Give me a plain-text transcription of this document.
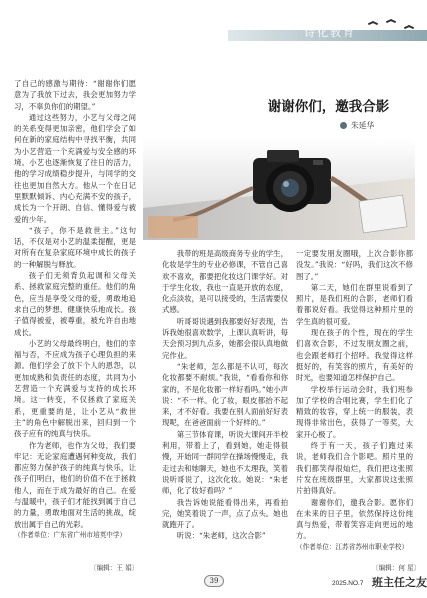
诗化教育

了自己的感激与期待：“谢谢你们愿意为了我放下过去，我会更加努力学习，不辜负你们的期望。”

通过这些努力，小艺与父母之间的关系变得更加亲密，他们学会了如何在新的家庭结构中寻找平衡，共同为小艺营造一个充满爱与安全感的环境。小艺也逐渐恢复了往日的活力，他的学习成绩稳步提升，与同学的交往也更加自然大方。他从一个在日记里默默倾诉、内心充满不安的孩子，成长为一个开朗、自信、懂得爱与被爱的少年。

“孩子，你不是救世主。”这句话，不仅是对小艺的温柔提醒，更是对所有在复杂家庭环境中成长的孩子的一种解脱与释放。

孩子们无须背负起调和父母关系、拯救家庭完整的重任。他们的角色，应当是享受父母的爱，勇敢地追求自己的梦想、健康快乐地成长。孩子值得被爱，被尊重，被允许自由地成长。

小艺的父母最终明白，他们的幸福与否，不应成为孩子心理负担的来源。他们学会了放下个人的恩怨，以更加成熟和负责任的态度，共同为小艺营造一个充满爱与支持的成长环境。这一转变，不仅拯救了家庭关系，更重要的是，让小艺从“救世主”的角色中解脱出来，回归到一个孩子应有的纯真与快乐。

作为老师，也作为父母，我们要牢记：无论家庭遭遇何种变故，我们都应努力保护孩子的纯真与快乐，让孩子们明白，他们的价值不在于拯救他人，而在于成为最好的自己。在爱与温暖中，孩子们才能找到属于自己的力量，勇敢地面对生活的挑战，绽放出属于自己的光彩。

（作者单位：广东省广州市培英中学）

谢谢你们，邀我合影
朱延华

我带的班是高级商务专业的学生，化妆是学生的专业必修课，不管自己喜欢不喜欢，都要把化妆这门课学好。对于学生化妆，我也一直是开放的态度，化点淡妆，是可以接受的，生活需要仪式感。

听哥哥说遇到我都要好好表现，告诉我她很喜欢数学，上课认真听讲，每天会预习到九点多，她都会很认真地做完作业。

“朱老师，怎么都是不认可，每次化妆都要不耐烦。”我说，“看看你和你家的，不是化妆都一样好看吗。”她小声说：“不一样。化了妆，眼皮都抬不起来，才不好看。我要在别人面前好好表现呢，在爸爸面前一个好样的。”

第三节体育课，听说大课间开半校利用，带着上了，看到她，她走得很慢，开始同一群同学在操场慢慢走，我走过去和她聊天，她也不太理我，笑着说听哥说了，这次化妆。她说：“朱老师，化了妆好看吗？”

我告诉她说能看得出来，再看拍完，她笑着说了一声，点了点头。她也就跑开了。

听说：“朱老师，这次合影”

一定要发朋友圈哦，上次合影你都没发。”我说：“好吗，我们这次不修图了。”

第二天，她们在群里说看到了照片，是我们班的合影，老师们看着都说好看。我觉得这种照片里的学生真的很可爱。

现在孩子的个性，现在的学生们喜欢合影，不过发朋友圈之前，也会跟老师打个招呼。我觉得这样挺好的，有笑容的照片，有美好的时光，也要知道怎样保护自己。

学校举行运动会时，我们班参加了学校的合唱比赛，学生们化了精致的妆容，穿上统一的服装，表现得非常出色，获得了一等奖，大家开心极了。

终于有一天，孩子们跑过来说，老师我们合个影吧。照片里的我们都笑得很灿烂，我们把这张照片发在班级群里，大家都说这张照片拍得真好。

谢谢你们，邀我合影。愿你们在未来的日子里，依然保持这份纯真与热爱，带着笑容走向更远的地方。

（作者单位：江苏省苏州市职业学校）

〔编辑：王 娟〕	〔编辑：何 星〕
39	2025.NO.7 班主任之友
